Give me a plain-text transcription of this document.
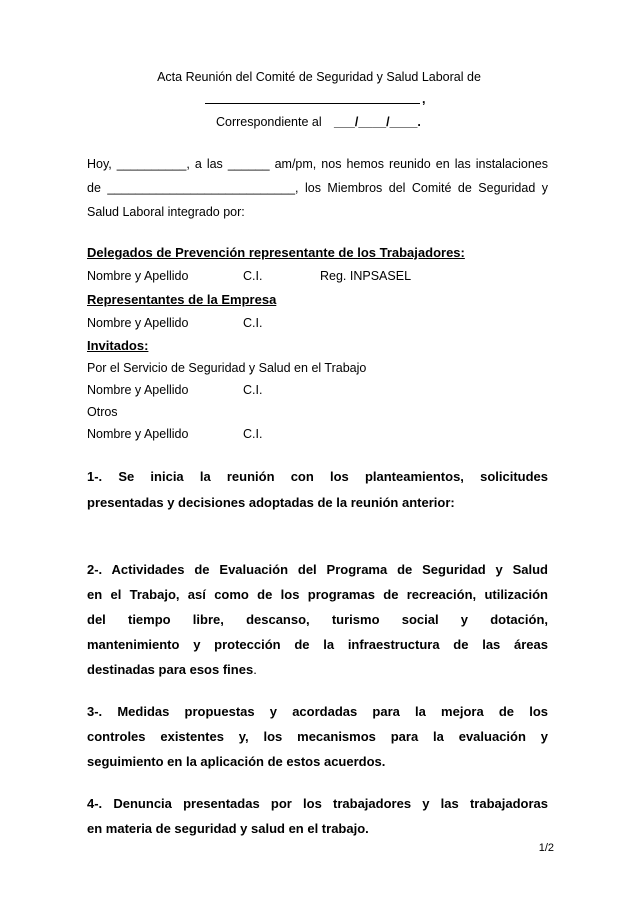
Acta Reunión del Comité de Seguridad y Salud Laboral de
,
Correspondiente al ___/____/____.
Hoy, __________, a las ______ am/pm, nos hemos reunido en las instalaciones
de ___________________________, los Miembros del Comité de Seguridad y
Salud Laboral integrado por:
Delegados de Prevención representante de los Trabajadores:
Nombre y Apellido	C.I.	Reg. INPSASEL
Representantes de la Empresa
Nombre y Apellido	C.I.
Invitados:
Por el Servicio de Seguridad y Salud en el Trabajo
Nombre y Apellido	C.I.
Otros
Nombre y Apellido	C.I.
1-. Se inicia la reunión con los planteamientos, solicitudes
presentadas y decisiones adoptadas de la reunión anterior:
2-. Actividades de Evaluación del Programa de Seguridad y Salud
en el Trabajo, así como de los programas de recreación, utilización
del tiempo libre, descanso, turismo social y dotación,
mantenimiento y protección de la infraestructura de las áreas
destinadas para esos fines.
3-. Medidas propuestas y acordadas para la mejora de los
controles existentes y, los mecanismos para la evaluación y
seguimiento en la aplicación de estos acuerdos.
4-. Denuncia presentadas por los trabajadores y las trabajadoras
en materia de seguridad y salud en el trabajo.
1/2
